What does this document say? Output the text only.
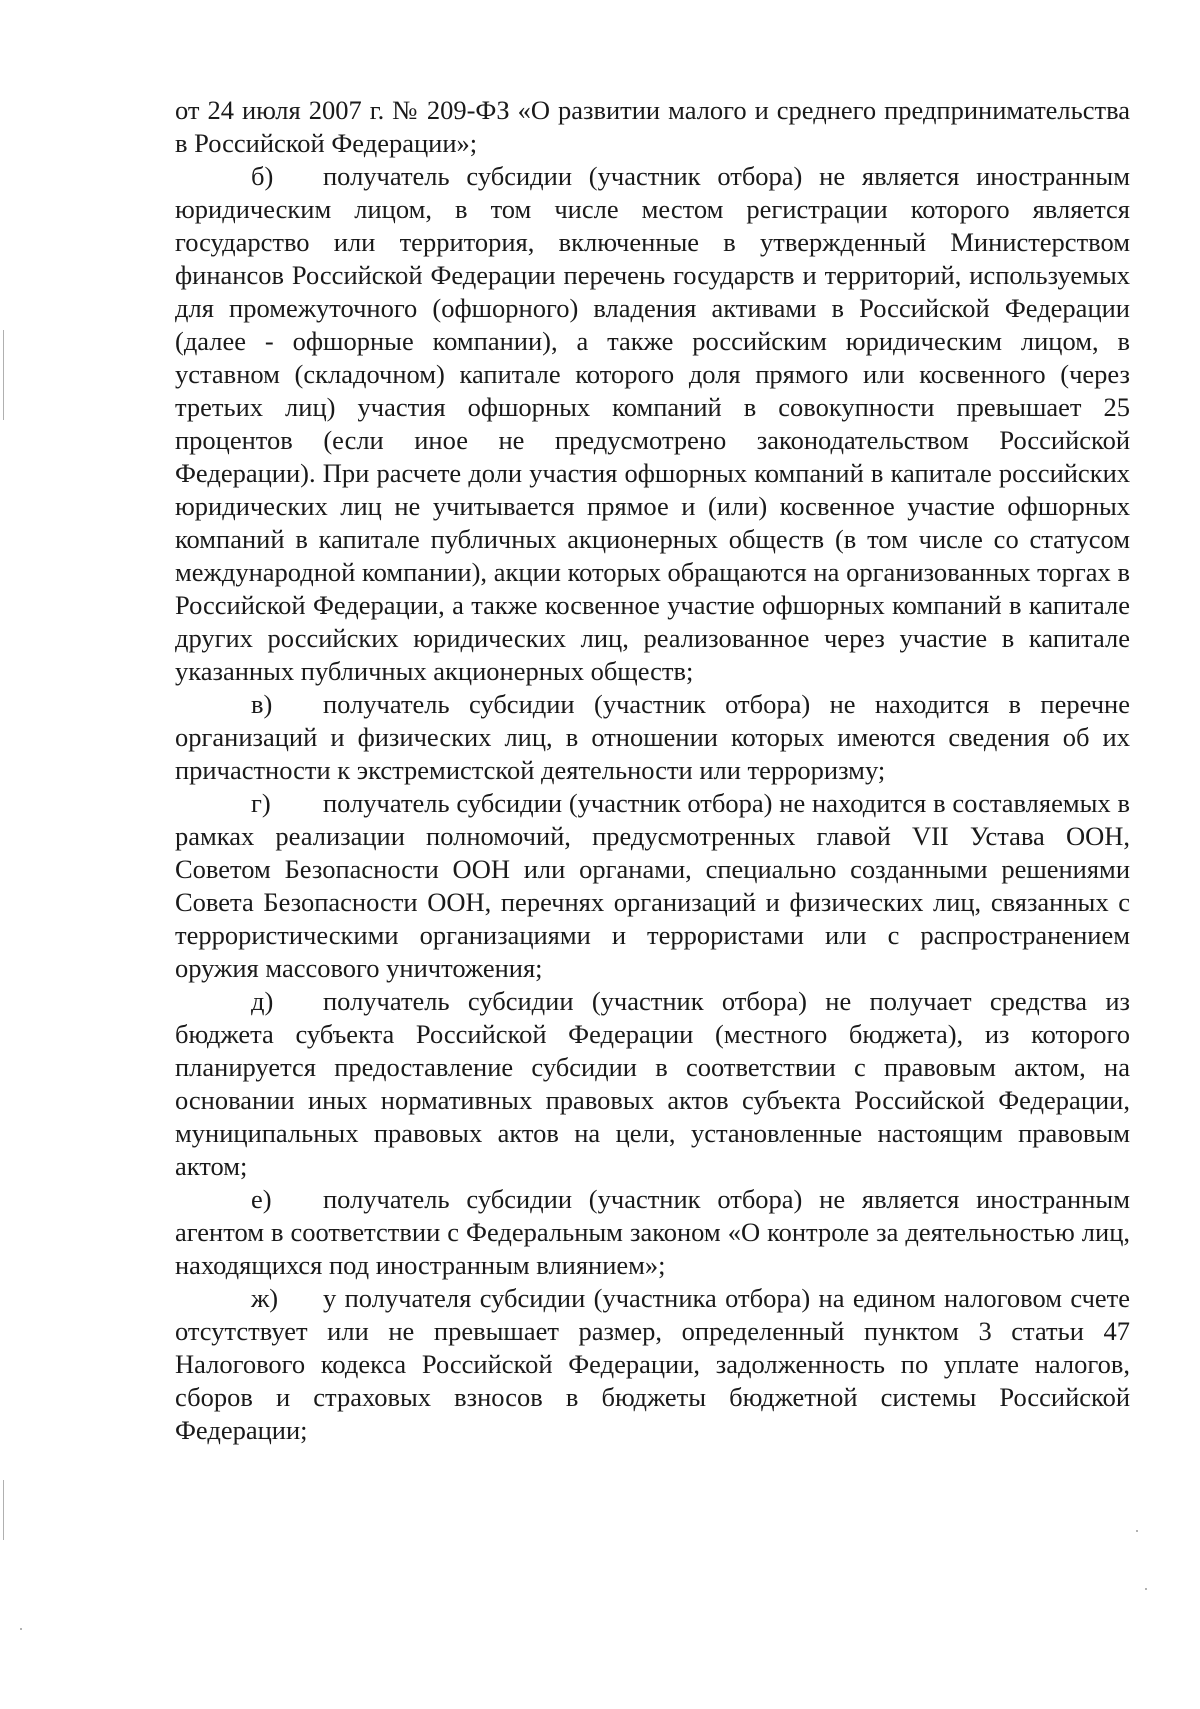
от 24 июля 2007 г. № 209-ФЗ «О развитии малого и среднего предпринимательства в Российской Федерации»;

б) получатель субсидии (участник отбора) не является иностранным юридическим лицом, в том числе местом регистрации которого является государство или территория, включенные в утвержденный Министерством финансов Российской Федерации перечень государств и территорий, используемых для промежуточного (офшорного) владения активами в Российской Федерации (далее - офшорные компании), а также российским юридическим лицом, в уставном (складочном) капитале которого доля прямого или косвенного (через третьих лиц) участия офшорных компаний в совокупности превышает 25 процентов (если иное не предусмотрено законодательством Российской Федерации). При расчете доли участия офшорных компаний в капитале российских юридических лиц не учитывается прямое и (или) косвенное участие офшорных компаний в капитале публичных акционерных обществ (в том числе со статусом международной компании), акции которых обращаются на организованных торгах в Российской Федерации, а также косвенное участие офшорных компаний в капитале других российских юридических лиц, реализованное через участие в капитале указанных публичных акционерных обществ;

в) получатель субсидии (участник отбора) не находится в перечне организаций и физических лиц, в отношении которых имеются сведения об их причастности к экстремистской деятельности или терроризму;

г) получатель субсидии (участник отбора) не находится в составляемых в рамках реализации полномочий, предусмотренных главой VII Устава ООН, Советом Безопасности ООН или органами, специально созданными решениями Совета Безопасности ООН, перечнях организаций и физических лиц, связанных с террористическими организациями и террористами или с распространением оружия массового уничтожения;

д) получатель субсидии (участник отбора) не получает средства из бюджета субъекта Российской Федерации (местного бюджета), из которого планируется предоставление субсидии в соответствии с правовым актом, на основании иных нормативных правовых актов субъекта Российской Федерации, муниципальных правовых актов на цели, установленные настоящим правовым актом;

е) получатель субсидии (участник отбора) не является иностранным агентом в соответствии с Федеральным законом «О контроле за деятельностью лиц, находящихся под иностранным влиянием»;

ж) у получателя субсидии (участника отбора) на едином налоговом счете отсутствует или не превышает размер, определенный пунктом 3 статьи 47 Налогового кодекса Российской Федерации, задолженность по уплате налогов, сборов и страховых взносов в бюджеты бюджетной системы Российской Федерации;
